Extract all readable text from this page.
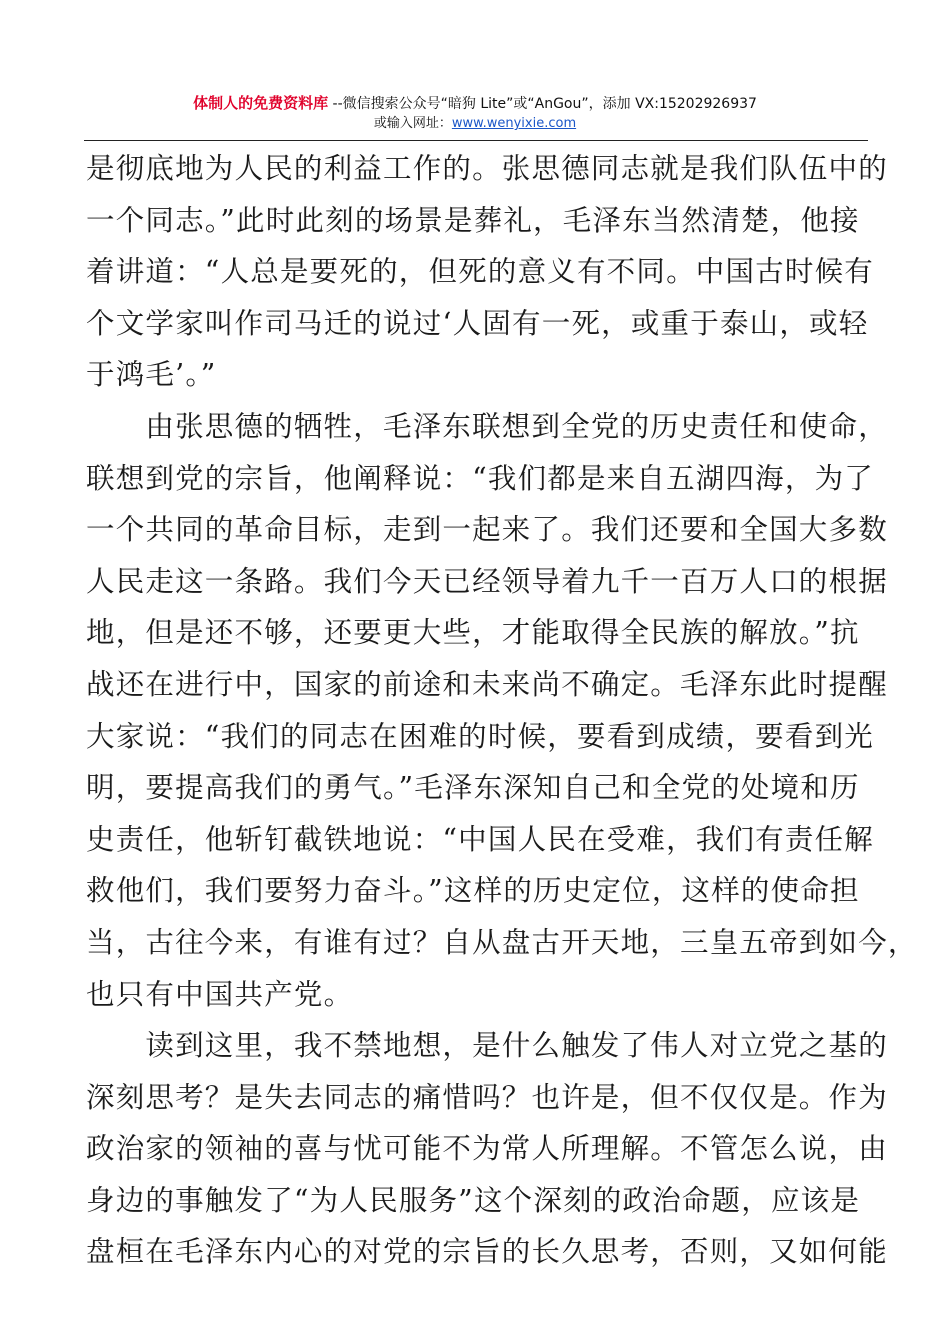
体制人的免费资料库 --微信搜索公众号“暗狗 Lite”或“AnGou”，添加 VX:15202926937
或输入网址：www.wenyixie.com
是彻底地为人民的利益工作的。张思德同志就是我们队伍中的
一个同志。”此时此刻的场景是葬礼，毛泽东当然清楚，他接
着讲道：“人总是要死的，但死的意义有不同。中国古时候有
个文学家叫作司马迁的说过‘人固有一死，或重于泰山，或轻
于鸿毛’。”
　　由张思德的牺牲，毛泽东联想到全党的历史责任和使命，
联想到党的宗旨，他阐释说：“我们都是来自五湖四海，为了
一个共同的革命目标，走到一起来了。我们还要和全国大多数
人民走这一条路。我们今天已经领导着九千一百万人口的根据
地，但是还不够，还要更大些，才能取得全民族的解放。”抗
战还在进行中，国家的前途和未来尚不确定。毛泽东此时提醒
大家说：“我们的同志在困难的时候，要看到成绩，要看到光
明，要提高我们的勇气。”毛泽东深知自己和全党的处境和历
史责任，他斩钉截铁地说：“中国人民在受难，我们有责任解
救他们，我们要努力奋斗。”这样的历史定位，这样的使命担
当，古往今来，有谁有过？自从盘古开天地，三皇五帝到如今，
也只有中国共产党。
　　读到这里，我不禁地想，是什么触发了伟人对立党之基的
深刻思考？是失去同志的痛惜吗？也许是，但不仅仅是。作为
政治家的领袖的喜与忧可能不为常人所理解。不管怎么说，由
身边的事触发了“为人民服务”这个深刻的政治命题，应该是
盘桓在毛泽东内心的对党的宗旨的长久思考，否则，又如何能
